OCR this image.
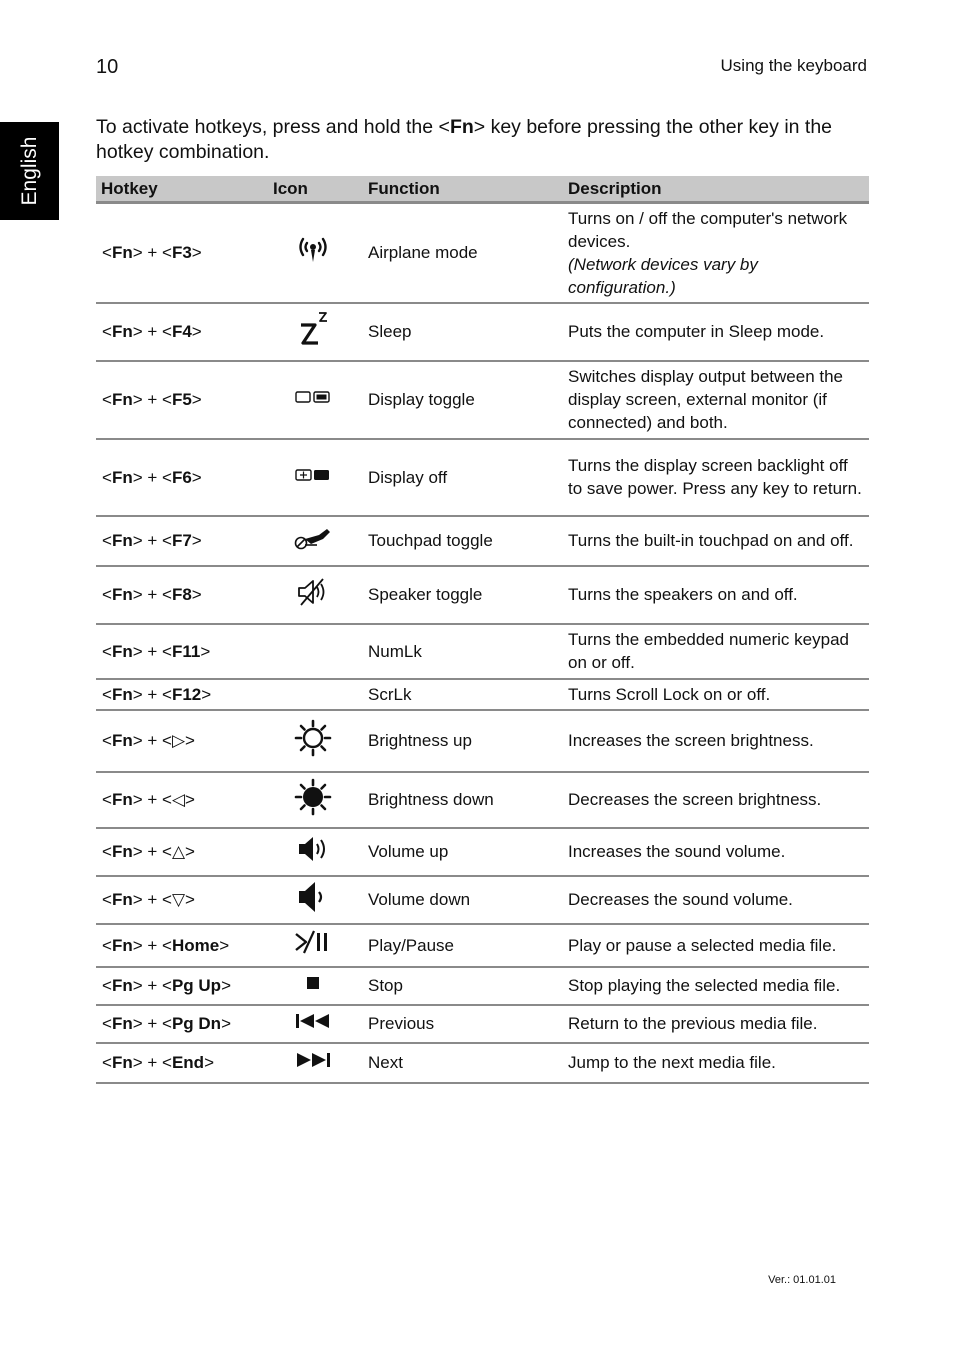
10	Using the keyboard
English
To activate hotkeys, press and hold the <Fn> key before pressing the other key in the hotkey combination.
Hotkey	Icon	Function	Description
<Fn> + <F3>		Airplane mode	Turns on / off the computer's network devices.
(Network devices vary by configuration.)
<Fn> + <F4>		Sleep	Puts the computer in Sleep mode.
<Fn> + <F5>		Display toggle	Switches display output between the display screen, external monitor (if connected) and both.
<Fn> + <F6>		Display off	Turns the display screen backlight off to save power. Press any key to return.
<Fn> + <F7>		Touchpad toggle	Turns the built-in touchpad on and off.
<Fn> + <F8>		Speaker toggle	Turns the speakers on and off.
<Fn> + <F11>		NumLk	Turns the embedded numeric keypad on or off.
<Fn> + <F12>		ScrLk	Turns Scroll Lock on or off.
<Fn> + <▷>		Brightness up	Increases the screen brightness.
<Fn> + <◁>		Brightness down	Decreases the screen brightness.
<Fn> + <△>		Volume up	Increases the sound volume.
<Fn> + <▽>		Volume down	Decreases the sound volume.
<Fn> + <Home>		Play/Pause	Play or pause a selected media file.
<Fn> + <Pg Up>		Stop	Stop playing the selected media file.
<Fn> + <Pg Dn>		Previous	Return to the previous media file.
<Fn> + <End>		Next	Jump to the next media file.
Ver.: 01.01.01
